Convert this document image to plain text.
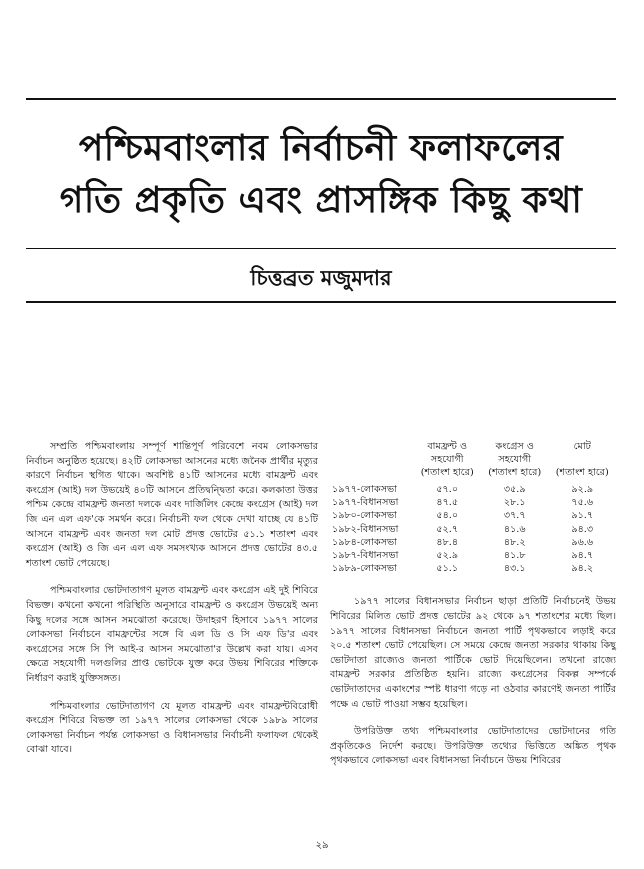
পশ্চিমবাংলার নির্বাচনী ফলাফলের
গতি প্রকৃতি এবং প্রাসঙ্গিক কিছু কথা
চিত্তব্রত মজুমদার

সম্প্রতি পশ্চিমবাংলায় সম্পূর্ণ শান্তিপূর্ণ পরিবেশে নবম লোকসভার নির্বাচন অনুষ্ঠিত হয়েছে। ৪২টি লোকসভা আসনের মধ্যে জনৈক প্রার্থীর মৃত্যুর কারণে নির্বাচন স্থগিত থাকে। অবশিষ্ট ৪১টি আসনের মধ্যে বামফ্রন্ট এবং কংগ্রেস (আই) দল উভয়েই ৪০টি আসনে প্রতিদ্বন্দ্বিতা করে। কলকাতা উত্তর পশ্চিম কেন্দ্রে বামফ্রন্ট জনতা দলকে এবং দার্জিলিং কেন্দ্রে কংগ্রেস (আই) দল জি এন এল এফ'কে সমর্থন করে। নির্বাচনী ফল থেকে দেখা যাচ্ছে যে ৪১টি আসনে বামফ্রন্ট এবং জনতা দল মোট প্রদত্ত ভোটের ৫১.১ শতাংশ এবং কংগ্রেস (আই) ও জি এন এল এফ সমসংখ্যক আসনে প্রদত্ত ভোটের ৪৩.৫ শতাংশ ভোট পেয়েছে।

পশ্চিমবাংলার ভোটদাতাগণ মূলত বামফ্রন্ট এবং কংগ্রেস এই দুই শিবিরে বিভক্ত। কখনো কখনো পরিস্থিতি অনুসারে বামফ্রন্ট ও কংগ্রেস উভয়েই অন্য কিছু দলের সঙ্গে আসন সমঝোতা করেছে। উদাহরণ হিসাবে ১৯৭৭ সালের লোকসভা নির্বাচনে বামফ্রন্টের সঙ্গে বি এল ডি ও সি এফ ডি'র এবং কংগ্রেসের সঙ্গে সি পি আই-র আসন সমঝোতা'র উল্লেখ করা যায়। এসব ক্ষেত্রে সহযোগী দলগুলির প্রাপ্ত ভোটকে যুক্ত করে উভয় শিবিরের শক্তিকে নির্ধারণ করাই যুক্তিসঙ্গত।

পশ্চিমবাংলার ভোটদাতাগণ যে মূলত বামফ্রন্ট এবং বামফ্রন্টবিরোধী কংগ্রেস শিবিরে বিভক্ত তা ১৯৭৭ সালের লোকসভা থেকে ১৯৮৯ সালের লোকসভা নির্বাচন পর্যন্ত লোকসভা ও বিধানসভার নির্বাচনী ফলাফল থেকেই বোঝা যাবে।

	বামফ্রন্ট ও
সহযোগী
(শতাংশ হারে)	কংগ্রেস ও
সহযোগী
(শতাংশ হারে)	মোট

(শতাংশ হারে)
১৯৭৭-লোকসভা	৫৭.০	৩৫.৯	৯২.৯
১৯৭৭-বিধানসভা	৪৭.৫	২৮.১	৭৫.৬
১৯৮০-লোকসভা	৫৪.০	৩৭.৭	৯১.৭
১৯৮২-বিধানসভা	৫২.৭	৪১.৬	৯৪.৩
১৯৮৪-লোকসভা	৪৮.৪	৪৮.২	৯৬.৬
১৯৮৭-বিধানসভা	৫২.৯	৪১.৮	৯৪.৭
১৯৮৯-লোকসভা	৫১.১	৪৩.১	৯৪.২

১৯৭৭ সালের বিধানসভার নির্বাচন ছাড়া প্রতিটি নির্বাচনেই উভয় শিবিরের মিলিত ভোট প্রদত্ত ভোটের ৯২ থেকে ৯৭ শতাংশের মধ্যে ছিল। ১৯৭৭ সালের বিধানসভা নির্বাচনে জনতা পার্টি পৃথকভাবে লড়াই করে ২০.৫ শতাংশ ভোট পেয়েছিল। সে সময়ে কেন্দ্রে জনতা সরকার থাকায় কিছু ভোটদাতা রাজ্যেও জনতা পার্টিকে ভোট দিয়েছিলেন। তখনো রাজ্যে বামফ্রন্ট সরকার প্রতিষ্ঠিত হয়নি। রাজ্যে কংগ্রেসের বিকল্প সম্পর্কে ভোটদাতাদের একাংশের স্পষ্ট ধারণা গড়ে না ওঠবার কারণেই জনতা পার্টির পক্ষে এ ভোট পাওয়া সম্ভব হয়েছিল।

উপরিউক্ত তথ্য পশ্চিমবাংলার ভোটদাতাদের ভোটদানের গতি প্রকৃতিকেও নির্দেশ করছে। উপরিউক্ত তথ্যের ভিত্তিতে অঙ্কিত পৃথক পৃথকভাবে লোকসভা এবং বিধানসভা নির্বাচনে উভয় শিবিরের

২৯
